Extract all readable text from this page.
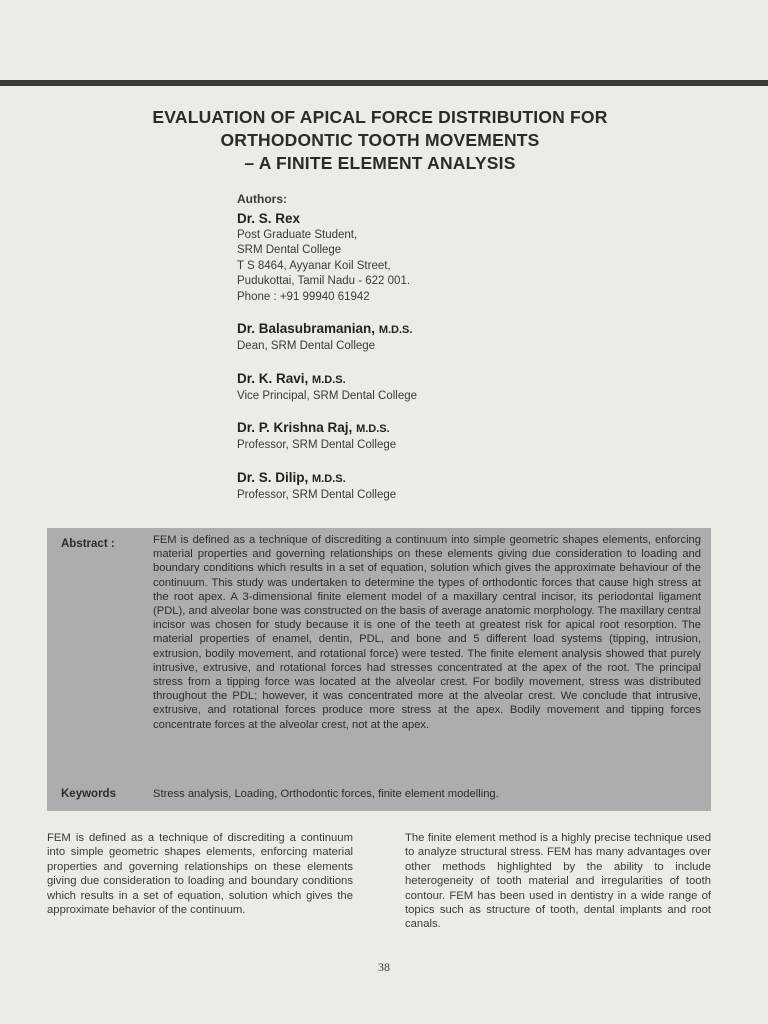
EVALUATION OF APICAL FORCE DISTRIBUTION FOR
ORTHODONTIC TOOTH MOVEMENTS
– A FINITE ELEMENT ANALYSIS
Authors:
Dr. S. Rex
Post Graduate Student,
SRM Dental College
T S 8464, Ayyanar Koil Street,
Pudukottai, Tamil Nadu - 622 001.
Phone : +91 99940 61942
Dr. Balasubramanian, M.D.S.
Dean, SRM Dental College
Dr. K. Ravi, M.D.S.
Vice Principal, SRM Dental College
Dr. P. Krishna Raj, M.D.S.
Professor, SRM Dental College
Dr. S. Dilip, M.D.S.
Professor, SRM Dental College
Abstract :	FEM is defined as a technique of discrediting a continuum into simple geometric shapes elements, enforcing material properties and governing relationships on these elements giving due consideration to loading and boundary conditions which results in a set of equation, solution which gives the approximate behaviour of the continuum. This study was undertaken to determine the types of orthodontic forces that cause high stress at the root apex. A 3-dimensional finite element model of a maxillary central incisor, its periodontal ligament (PDL), and alveolar bone was constructed on the basis of average anatomic morphology. The maxillary central incisor was chosen for study because it is one of the teeth at greatest risk for apical root resorption. The material properties of enamel, dentin, PDL, and bone and 5 different load systems (tipping, intrusion, extrusion, bodily movement, and rotational force) were tested. The finite element analysis showed that purely intrusive, extrusive, and rotational forces had stresses concentrated at the apex of the root. The principal stress from a tipping force was located at the alveolar crest. For bodily movement, stress was distributed throughout the PDL; however, it was concentrated more at the alveolar crest. We conclude that intrusive, extrusive, and rotational forces produce more stress at the apex. Bodily movement and tipping forces concentrate forces at the alveolar crest, not at the apex.
Keywords	Stress analysis, Loading, Orthodontic forces, finite element modelling.
FEM is defined as a technique of discrediting a continuum into simple geometric shapes elements, enforcing material properties and governing relationships on these elements giving due consideration to loading and boundary conditions which results in a set of equation, solution which gives the approximate behavior of the continuum.
The finite element method is a highly precise technique used to analyze structural stress. FEM has many advantages over other methods highlighted by the ability to include heterogeneity of tooth material and irregularities of tooth contour. FEM has been used in dentistry in a wide range of topics such as structure of tooth, dental implants and root canals.
38
